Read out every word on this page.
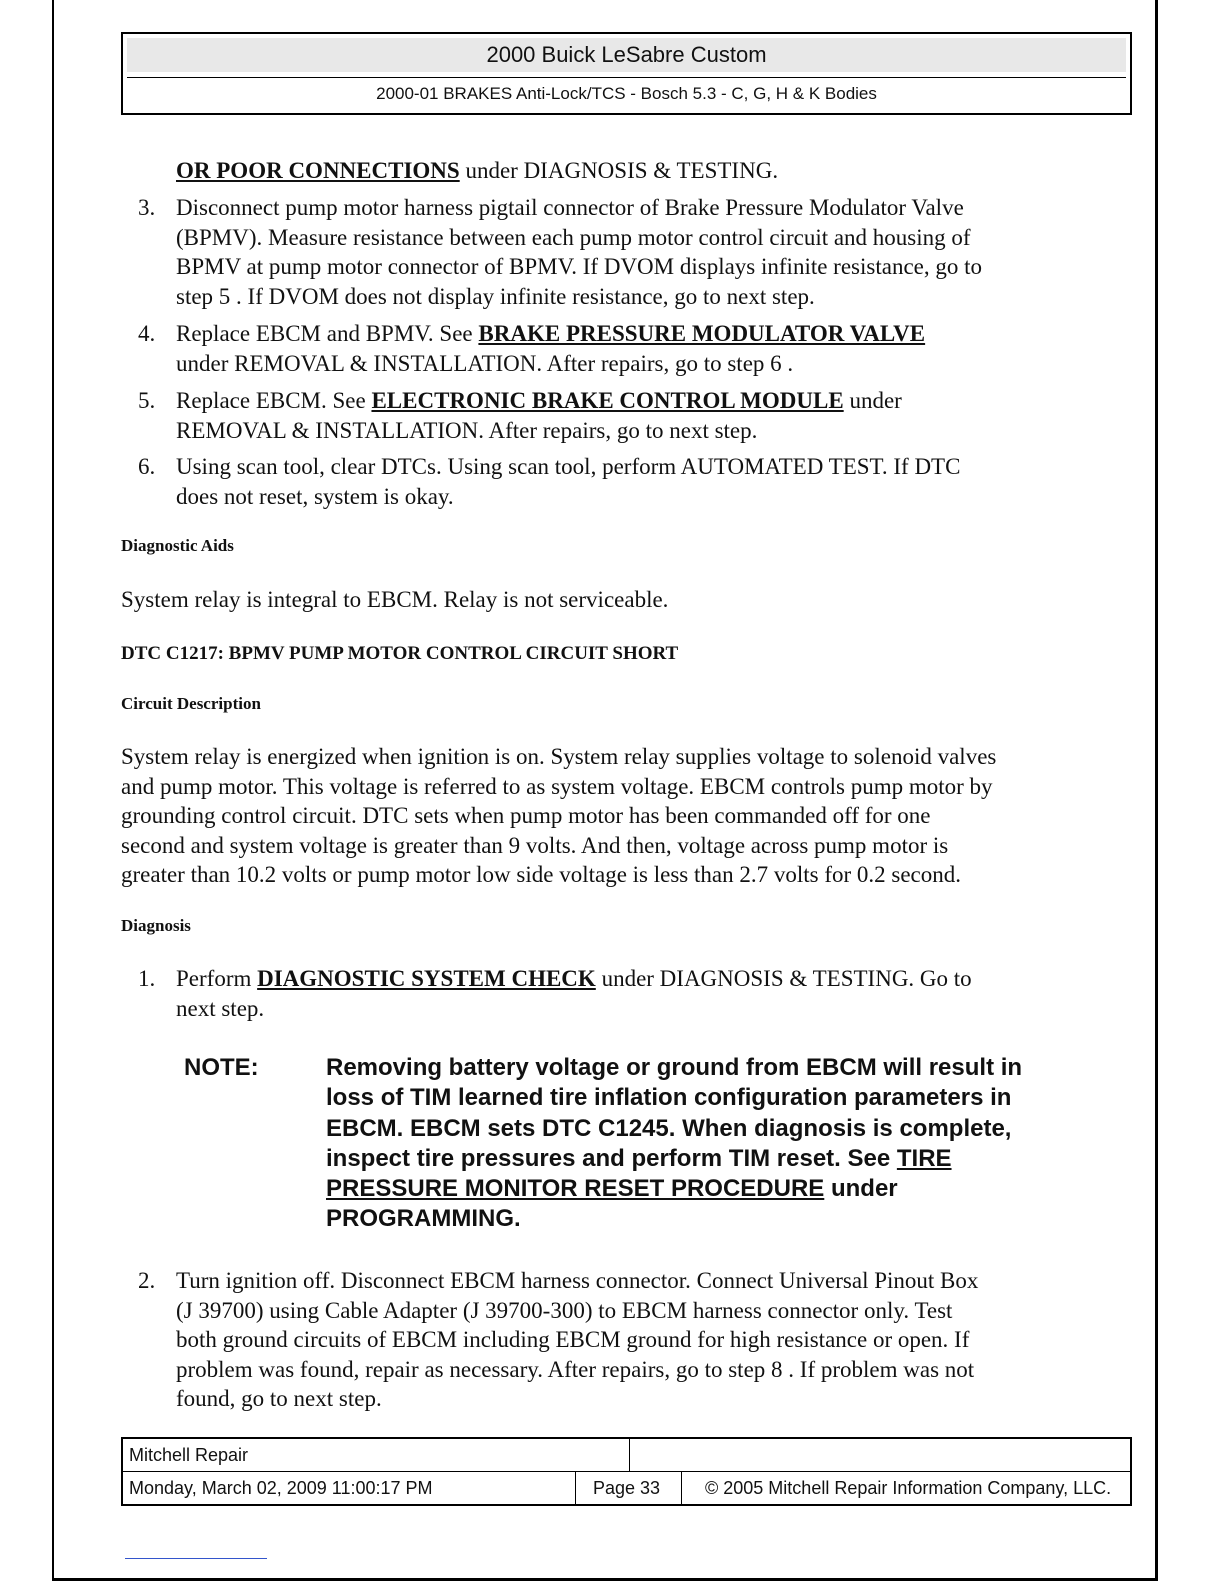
2000 Buick LeSabre Custom
2000-01 BRAKES Anti-Lock/TCS - Bosch 5.3 - C, G, H & K Bodies
OR POOR CONNECTIONS under DIAGNOSIS & TESTING.
3. Disconnect pump motor harness pigtail connector of Brake Pressure Modulator Valve
(BPMV). Measure resistance between each pump motor control circuit and housing of
BPMV at pump motor connector of BPMV. If DVOM displays infinite resistance, go to
step 5 . If DVOM does not display infinite resistance, go to next step.
4. Replace EBCM and BPMV. See BRAKE PRESSURE MODULATOR VALVE
under REMOVAL & INSTALLATION. After repairs, go to step 6 .
5. Replace EBCM. See ELECTRONIC BRAKE CONTROL MODULE under
REMOVAL & INSTALLATION. After repairs, go to next step.
6. Using scan tool, clear DTCs. Using scan tool, perform AUTOMATED TEST. If DTC
does not reset, system is okay.
Diagnostic Aids
System relay is integral to EBCM. Relay is not serviceable.
DTC C1217: BPMV PUMP MOTOR CONTROL CIRCUIT SHORT
Circuit Description
System relay is energized when ignition is on. System relay supplies voltage to solenoid valves
and pump motor. This voltage is referred to as system voltage. EBCM controls pump motor by
grounding control circuit. DTC sets when pump motor has been commanded off for one
second and system voltage is greater than 9 volts. And then, voltage across pump motor is
greater than 10.2 volts or pump motor low side voltage is less than 2.7 volts for 0.2 second.
Diagnosis
1. Perform DIAGNOSTIC SYSTEM CHECK under DIAGNOSIS & TESTING. Go to
next step.
NOTE:	Removing battery voltage or ground from EBCM will result in
loss of TIM learned tire inflation configuration parameters in
EBCM. EBCM sets DTC C1245. When diagnosis is complete,
inspect tire pressures and perform TIM reset. See TIRE
PRESSURE MONITOR RESET PROCEDURE under
PROGRAMMING.
2. Turn ignition off. Disconnect EBCM harness connector. Connect Universal Pinout Box
(J 39700) using Cable Adapter (J 39700-300) to EBCM harness connector only. Test
both ground circuits of EBCM including EBCM ground for high resistance or open. If
problem was found, repair as necessary. After repairs, go to step 8 . If problem was not
found, go to next step.
Mitchell Repair
Monday, March 02, 2009 11:00:17 PM	Page 33 © 2005 Mitchell Repair Information Company, LLC.
